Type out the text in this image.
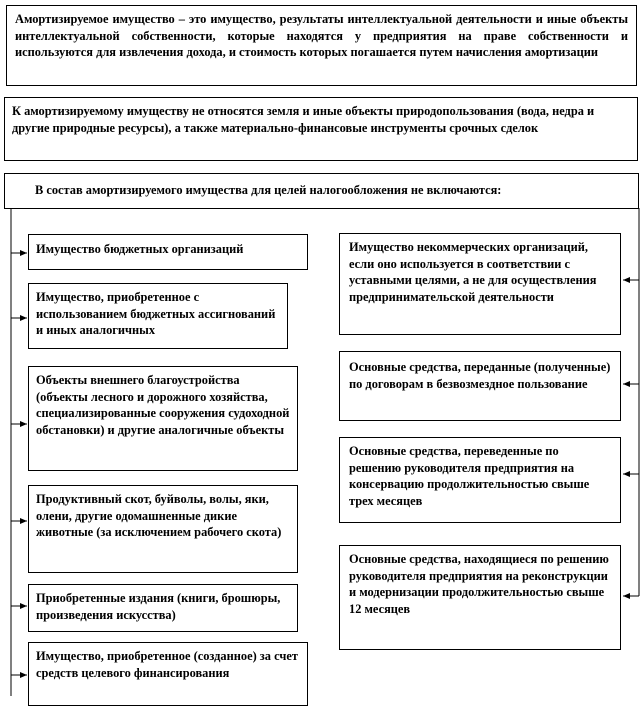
Амортизируемое имущество – это имущество, результаты интеллектуальной деятельности и иные объекты интеллектуальной собственности, которые находятся у предприятия на праве собственности и используются для извлечения дохода, и стоимость которых погашается путем начисления амортизации
К амортизируемому имуществу не относятся земля и иные объекты природопользования (вода, недра и другие природные ресурсы), а также материально-финансовые инструменты срочных сделок
В состав амортизируемого имущества для целей налогообложения не включаются:
Имущество бюджетных организаций
Имущество, приобретенное с использованием бюджетных ассигнований и иных аналогичных
Объекты внешнего благоустройства (объекты лесного и дорожного хозяйства, специализированные сооружения судоходной обстановки) и другие аналогичные объекты
Продуктивный скот, буйволы, волы, яки, олени, другие одомашненные дикие животные (за исключением рабочего скота)
Приобретенные издания (книги, брошюры, произведения искусства)
Имущество, приобретенное (созданное) за счет средств целевого финансирования
Имущество некоммерческих организаций, если оно используется в соответствии с уставными целями, а не для осуществления предпринимательской деятельности
Основные средства, переданные (полученные) по договорам в безвозмездное пользование
Основные средства, переведенные по решению руководителя предприятия на консервацию продолжительностью свыше трех месяцев
Основные средства, находящиеся по решению руководителя предприятия на реконструкции и модернизации продолжительностью свыше 12 месяцев
